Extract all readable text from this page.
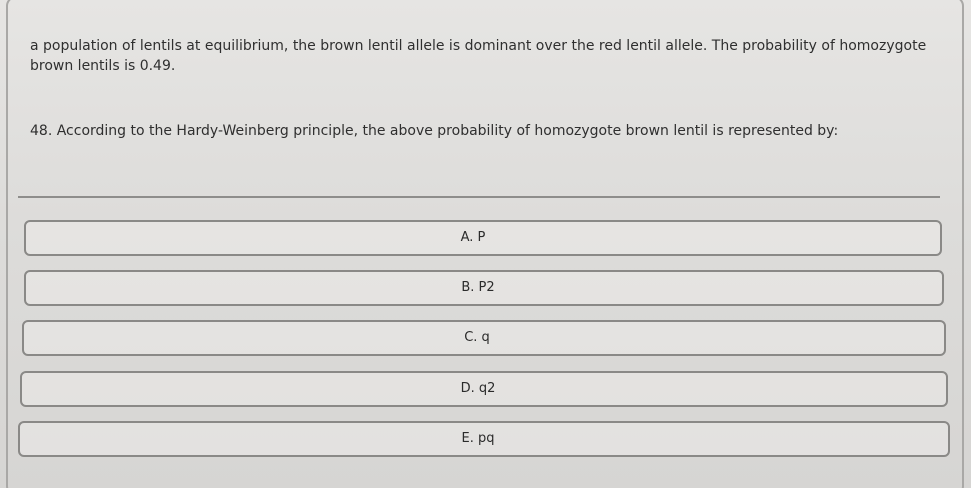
a population of lentils at equilibrium, the brown lentil allele is dominant over the red lentil allele. The probability of homozygote brown lentils is 0.49.

48. According to the Hardy-Weinberg principle, the above probability of homozygote brown lentil is represented by:

A. P
B. P2
C. q
D. q2
E. pq
